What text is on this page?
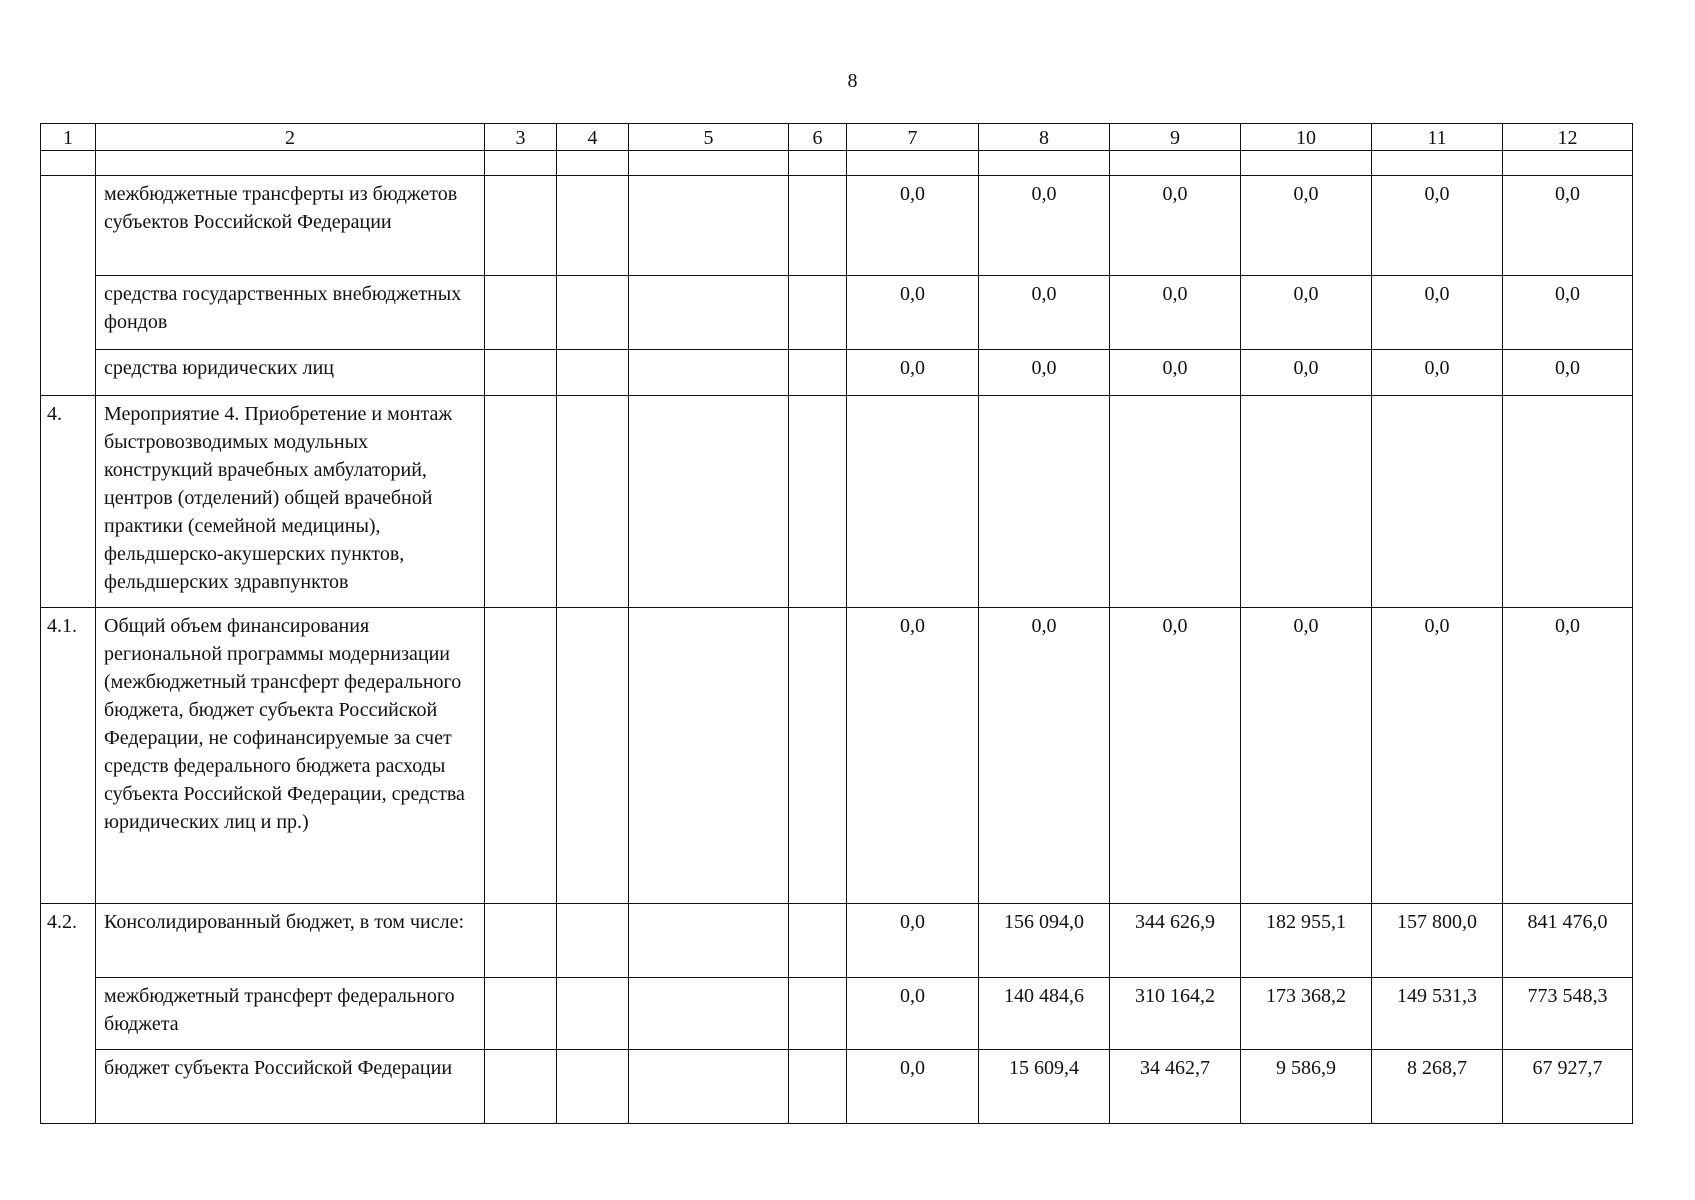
8
1	2	3	4	5	6	7	8	9	10	11	12

	межбюджетные трансферты из бюджетов субъектов Российской Федерации					0,0	0,0	0,0	0,0	0,0	0,0
	средства государственных внебюджетных фондов					0,0	0,0	0,0	0,0	0,0	0,0
	средства юридических лиц					0,0	0,0	0,0	0,0	0,0	0,0
4.	Мероприятие 4. Приобретение и монтаж быстровозводимых модульных конструкций врачебных амбулаторий, центров (отделений) общей врачебной практики (семейной медицины), фельдшерско-акушерских пунктов, фельдшерских здравпунктов										
4.1.	Общий объем финансирования региональной программы модернизации (межбюджетный трансферт федерального бюджета, бюджет субъекта Российской Федерации, не софинансируемые за счет средств федерального бюджета расходы субъекта Российской Федерации, средства юридических лиц и пр.)					0,0	0,0	0,0	0,0	0,0	0,0
4.2.	Консолидированный бюджет, в том числе:					0,0	156 094,0	344 626,9	182 955,1	157 800,0	841 476,0
	межбюджетный трансферт федерального бюджета					0,0	140 484,6	310 164,2	173 368,2	149 531,3	773 548,3
	бюджет субъекта Российской Федерации					0,0	15 609,4	34 462,7	9 586,9	8 268,7	67 927,7
